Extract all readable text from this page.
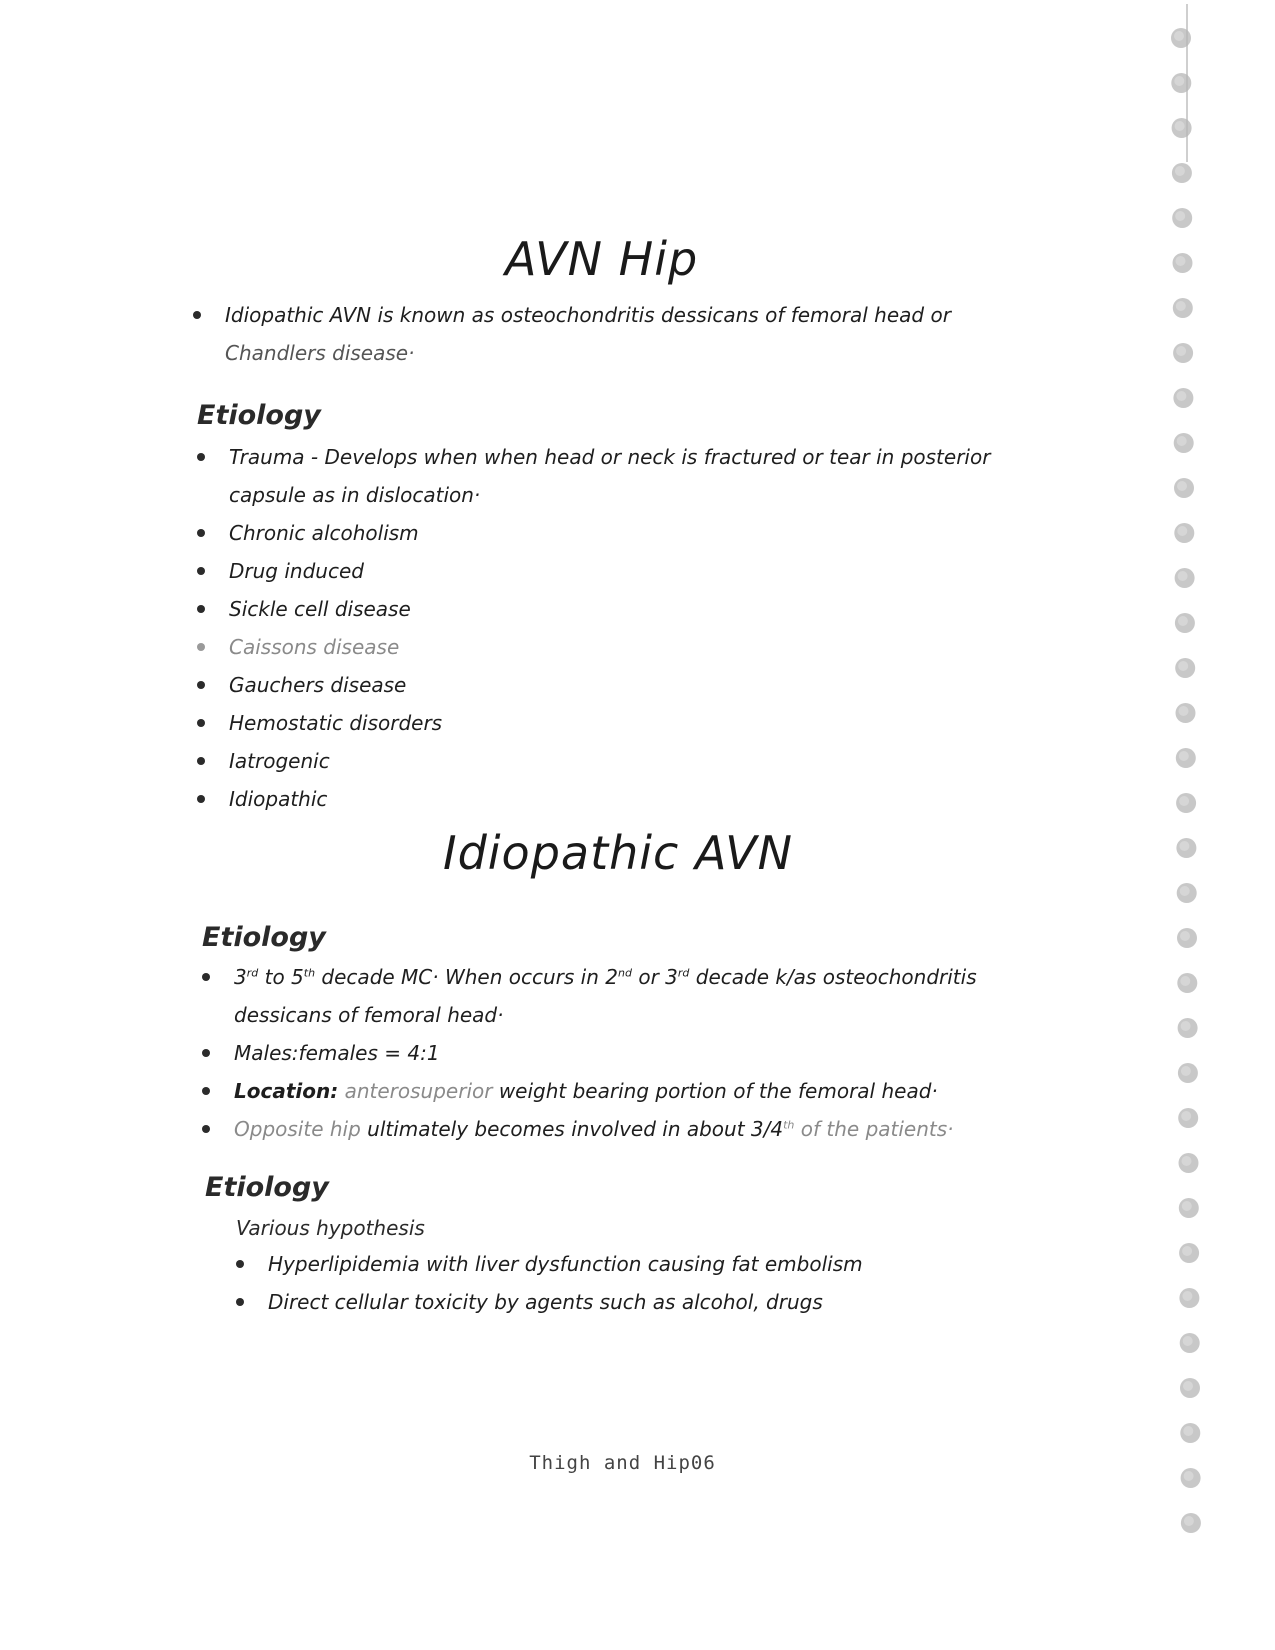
AVN Hip
Idiopathic AVN is known as osteochondritis dessicans of femoral head or
Chandlers disease·
Etiology
Trauma - Develops when when head or neck is fractured or tear in posterior
capsule as in dislocation·
Chronic alcoholism
Drug induced
Sickle cell disease
Caissons disease
Gauchers disease
Hemostatic disorders
Iatrogenic
Idiopathic
Idiopathic AVN
Etiology
3rd to 5th decade MC· When occurs in 2nd or 3rd decade k/as osteochondritis
dessicans of femoral head·
Males:females = 4:1
Location: anterosuperior weight bearing portion of the femoral head·
Opposite hip ultimately becomes involved in about 3/4th of the patients·
Etiology
Various hypothesis
Hyperlipidemia with liver dysfunction causing fat embolism
Direct cellular toxicity by agents such as alcohol, drugs
Thigh and Hip06
